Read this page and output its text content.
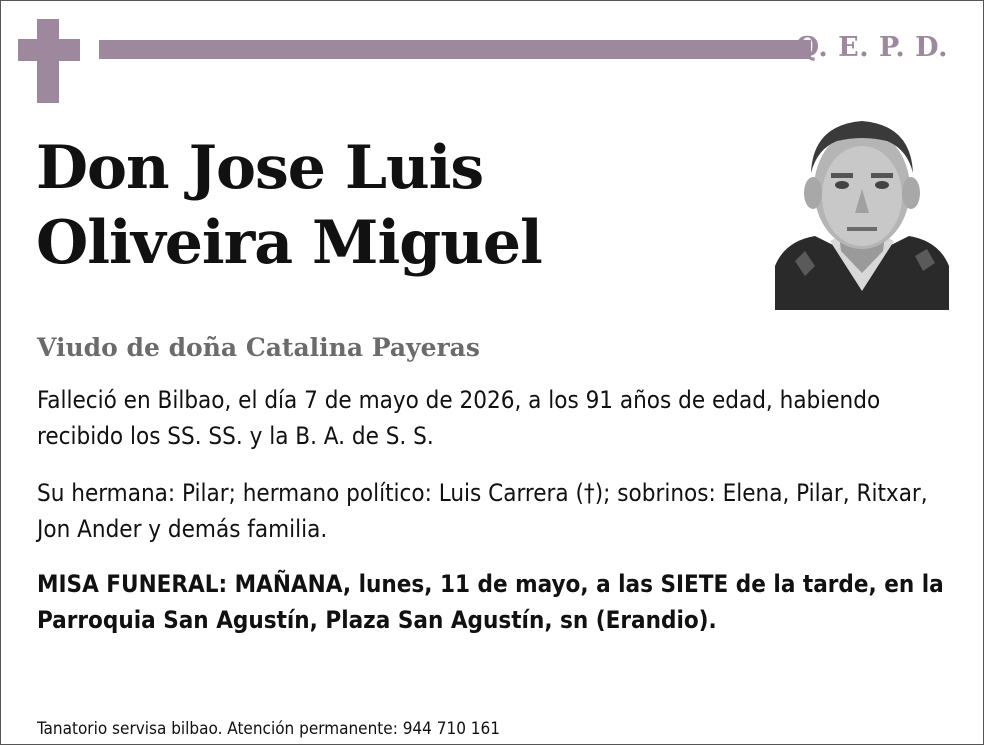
Q. E. P. D.
Don Jose Luis
Oliveira Miguel
Viudo de doña Catalina Payeras
Falleció en Bilbao, el día 7 de mayo de 2026, a los 91 años de edad, habiendo recibido los SS. SS. y la B. A. de S. S.
Su hermana: Pilar; hermano político: Luis Carrera (†); sobrinos: Elena, Pilar, Ritxar, Jon Ander y demás familia.
MISA FUNERAL: MAÑANA, lunes, 11 de mayo, a las SIETE de la tarde, en la Parroquia San Agustín, Plaza San Agustín, sn (Erandio).
Tanatorio servisa bilbao. Atención permanente: 944 710 161
